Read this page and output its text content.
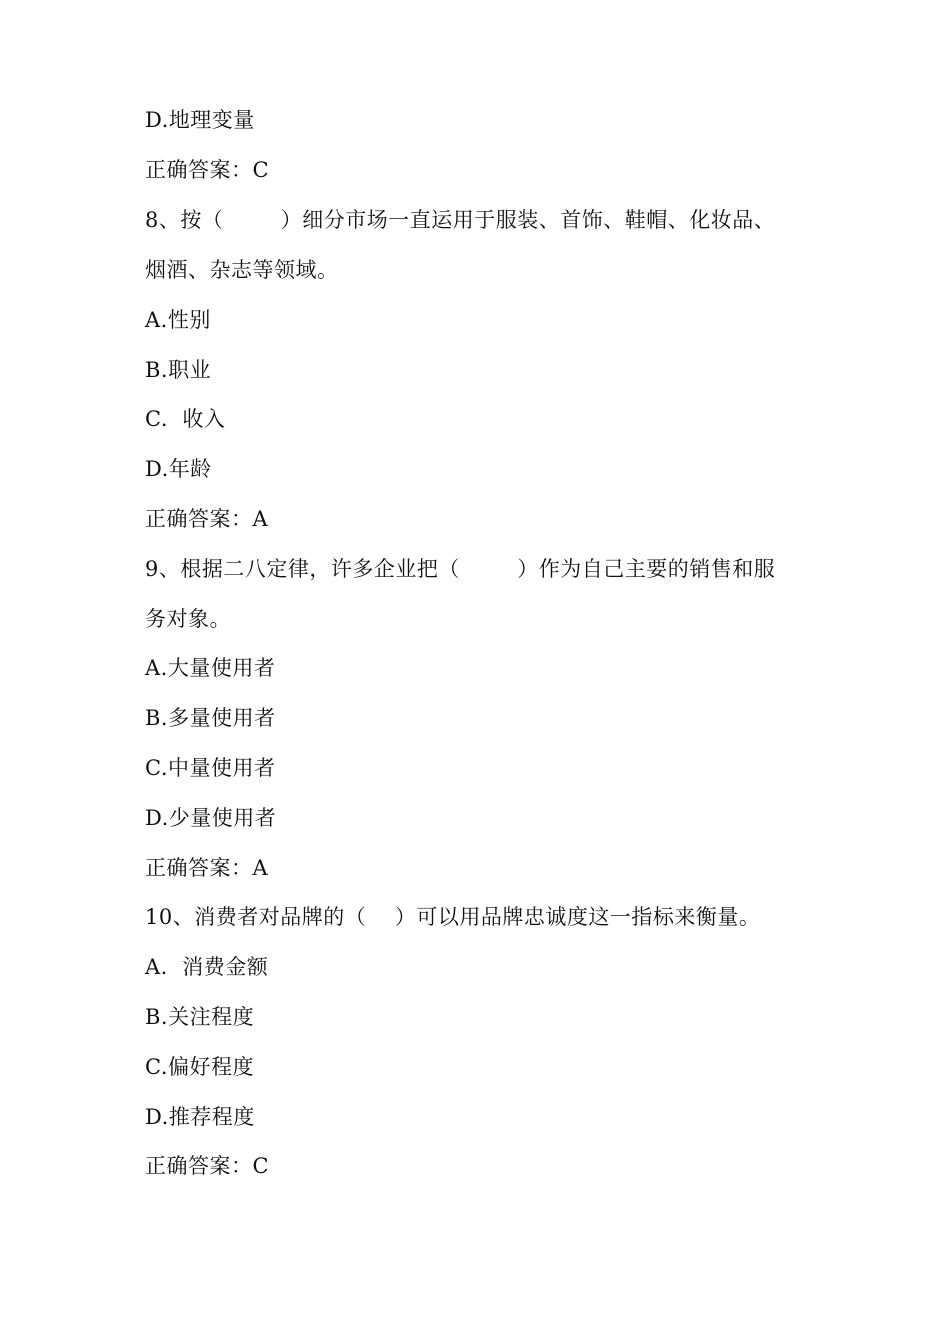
D.地理变量
正确答案：C
8、按（        ）细分市场一直运用于服装、首饰、鞋帽、化妆品、
烟酒、杂志等领域。
A.性别
B.职业
C.  收入
D.年龄
正确答案：A
9、根据二八定律，许多企业把（        ）作为自己主要的销售和服
务对象。
A.大量使用者
B.多量使用者
C.中量使用者
D.少量使用者
正确答案：A
10、消费者对品牌的（    ）可以用品牌忠诚度这一指标来衡量。
A.  消费金额
B.关注程度
C.偏好程度
D.推荐程度
正确答案：C
